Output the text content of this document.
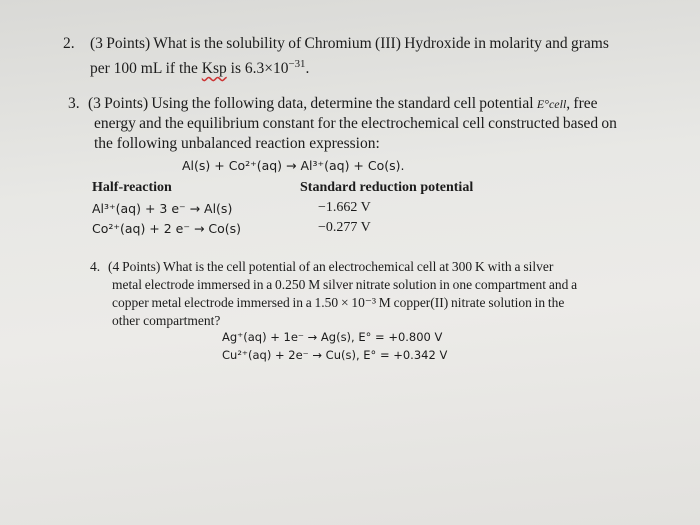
2. (3 Points) What is the solubility of Chromium (III) Hydroxide in molarity and grams
per 100 mL if the Ksp is $6.3\times 10^{-31}$.
3. (3 Points) Using the following data, determine the standard cell potential E°cell, free
energy and the equilibrium constant for the electrochemical cell constructed based on
the following unbalanced reaction expression:
Al(s) + Co²⁺(aq) → Al³⁺(aq) + Co(s).
Half-reaction	Standard reduction potential
Al³⁺(aq) + 3 e⁻ → Al(s)	−1.662 V
Co²⁺(aq) + 2 e⁻ → Co(s)	−0.277 V
4. (4 Points) What is the cell potential of an electrochemical cell at 300 K with a silver
metal electrode immersed in a 0.250 M silver nitrate solution in one compartment and a
copper metal electrode immersed in a 1.50 × 10⁻³ M copper(II) nitrate solution in the
other compartment?
Ag⁺(aq) + 1e⁻ → Ag(s), E° = +0.800 V
Cu²⁺(aq) + 2e⁻ → Cu(s), E° = +0.342 V
